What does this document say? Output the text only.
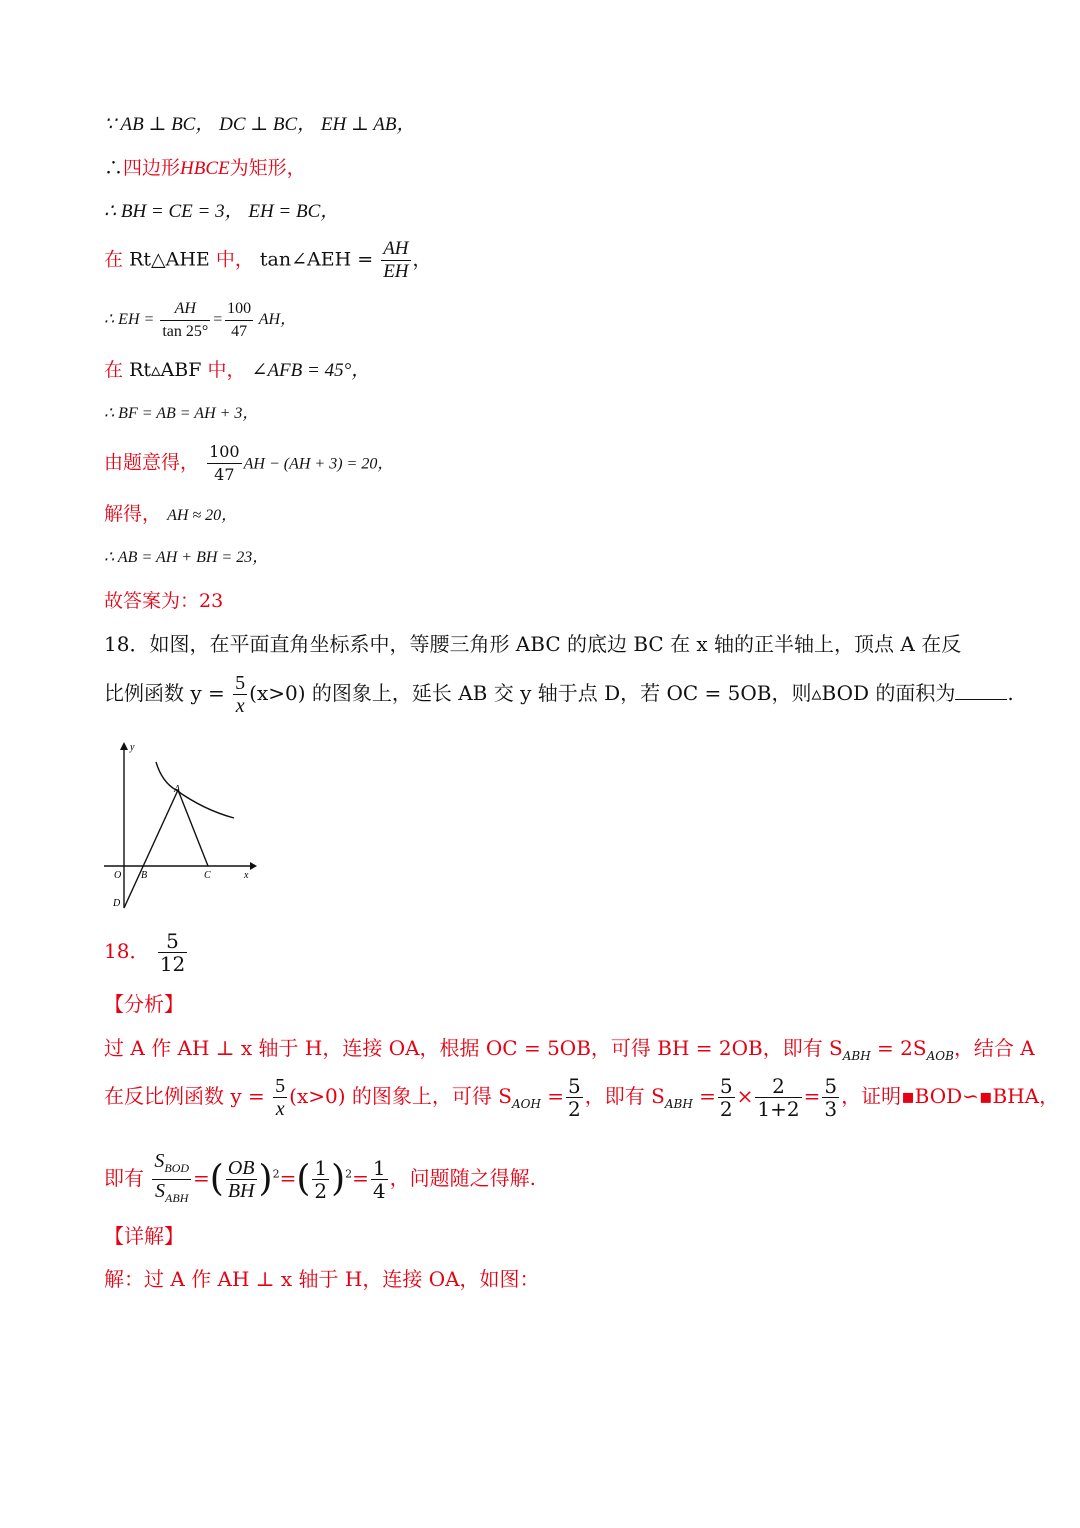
∵ AB ⊥ BC， DC ⊥ BC， EH ⊥ AB，
∴四边形HBCE为矩形，
∴ BH = CE = 3， EH = BC，
在 Rt△AHE 中， tan∠AEH = $\frac{AH}{EH}$ ，
∴ EH = $\frac{AH}{\tan 25^\circ} = \frac{100}{47}$ AH，
在 Rt▵ABF 中， ∠AFB = 45°，
∴ BF = AB = AH + 3，
由题意得， $\frac{100}{47}$ AH − (AH + 3) = 20，
解得， AH ≈ 20，
∴ AB = AH + BH = 23，
故答案为：23
18．如图，在平面直角坐标系中，等腰三角形 ABC 的底边 BC 在 x 轴的正半轴上，顶点 A 在反
比例函数 $y = \frac{5}{x} (x>0)$ 的图象上，延长 AB 交 y 轴于点 D，若 OC = 5OB，则▵BOD 的面积为	.
y
x
O
A
B	C
D
18． $\frac{5}{12}$
【分析】
过 A 作 AH ⊥ x 轴于 H，连接 OA，根据 OC = 5OB，可得 BH = 2OB，即有 $S_{ABH} = 2S_{AOB}$，结合 A
在反比例函数 $y = \frac{5}{x} (x>0)$ 的图象上，可得 $S_{AOH} = \frac{5}{2}$ ，即有 $S_{ABH} = \frac{5}{2} \times \frac{2}{1+2} = \frac{5}{3}$ ，证明▪BOD∽▪BHA，
即有
$S_{BOD}$
$S_{ABH}$
=( $\frac{OB}{BH} )^2=( \frac{1}{2} )^2= \frac{1}{4}$ ，问题随之得解.
【详解】
解：过 A 作 AH ⊥ x 轴于 H，连接 OA，如图：
